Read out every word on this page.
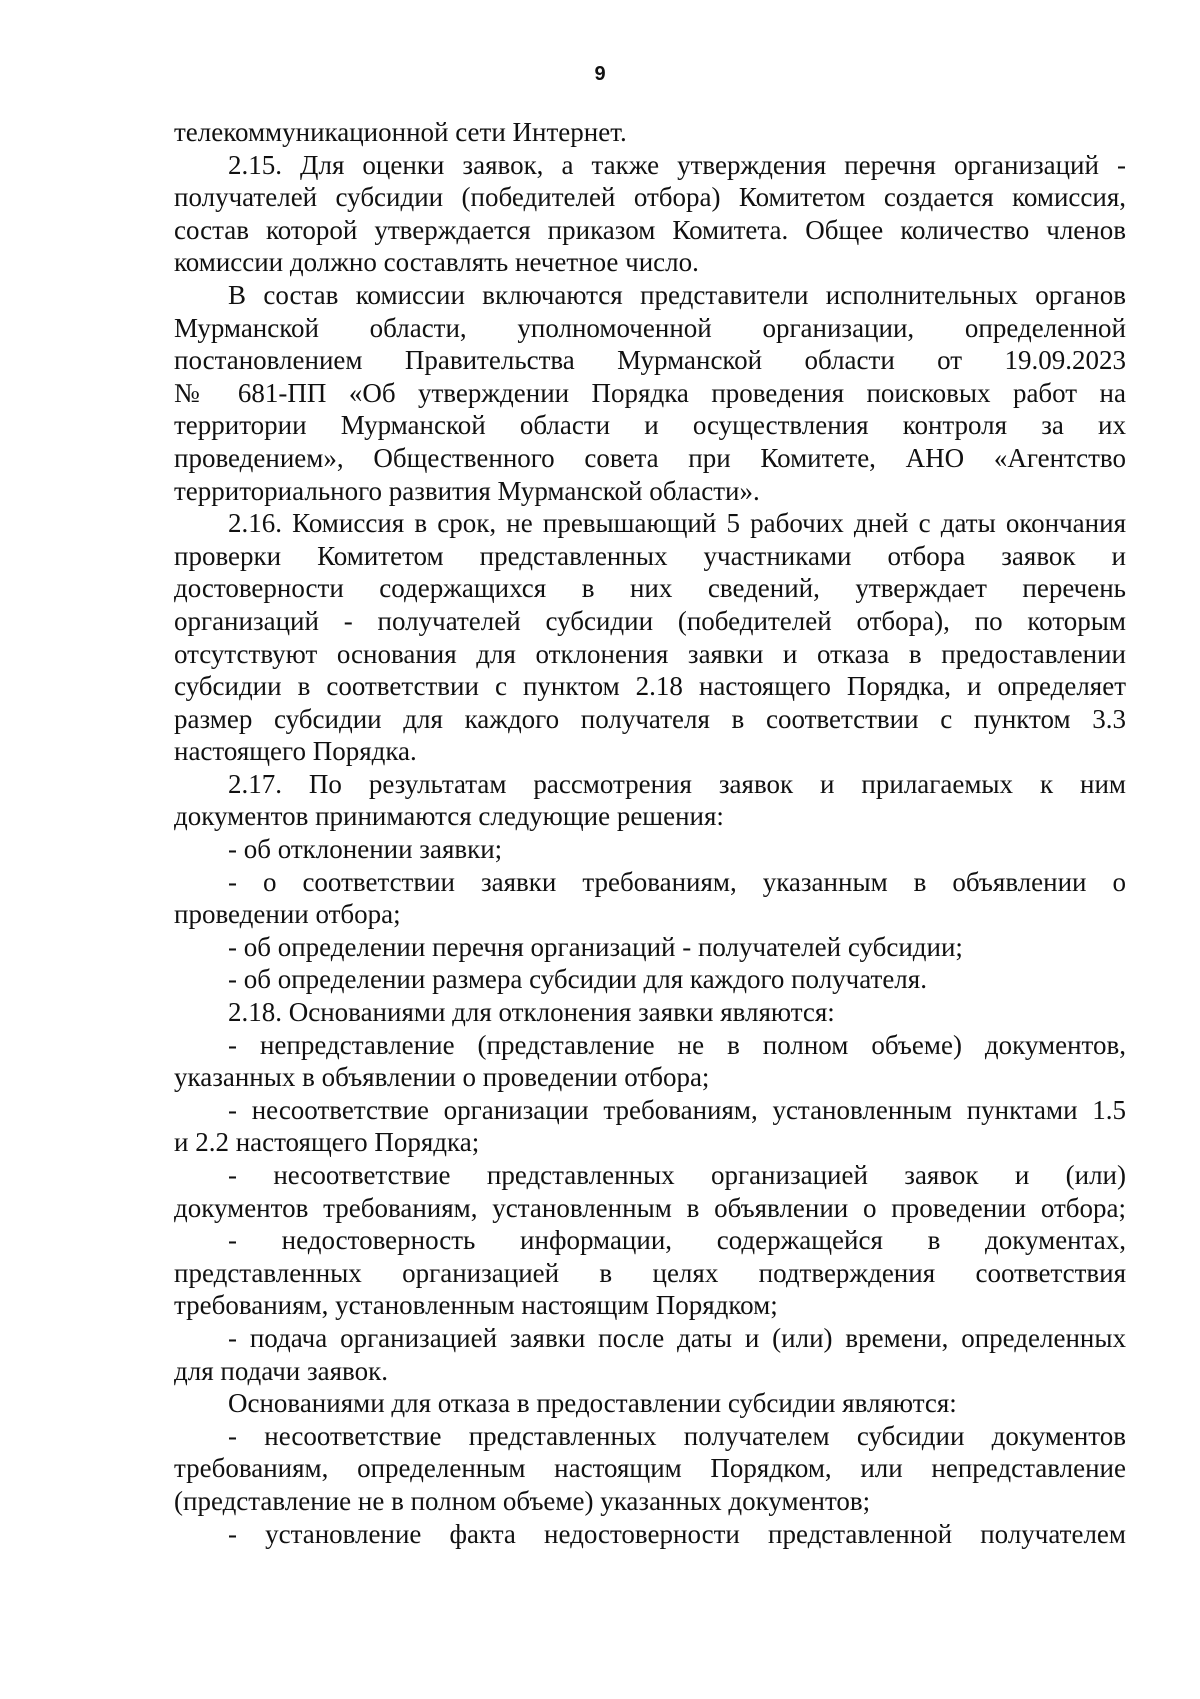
9
телекоммуникационной сети Интернет.
2.15. Для оценки заявок, а также утверждения перечня организаций -
получателей субсидии (победителей отбора) Комитетом создается комиссия,
состав которой утверждается приказом Комитета. Общее количество членов
комиссии должно составлять нечетное число.
В состав комиссии включаются представители исполнительных органов
Мурманской области, уполномоченной организации, определенной
постановлением Правительства Мурманской области от 19.09.2023
№ 681-ПП «Об утверждении Порядка проведения поисковых работ на
территории Мурманской области и осуществления контроля за их
проведением», Общественного совета при Комитете, АНО «Агентство
территориального развития Мурманской области».
2.16. Комиссия в срок, не превышающий 5 рабочих дней с даты окончания
проверки Комитетом представленных участниками отбора заявок и
достоверности содержащихся в них сведений, утверждает перечень
организаций - получателей субсидии (победителей отбора), по которым
отсутствуют основания для отклонения заявки и отказа в предоставлении
субсидии в соответствии с пунктом 2.18 настоящего Порядка, и определяет
размер субсидии для каждого получателя в соответствии с пунктом 3.3
настоящего Порядка.
2.17. По результатам рассмотрения заявок и прилагаемых к ним
документов принимаются следующие решения:
- об отклонении заявки;
- о соответствии заявки требованиям, указанным в объявлении о
проведении отбора;
- об определении перечня организаций - получателей субсидии;
- об определении размера субсидии для каждого получателя.
2.18. Основаниями для отклонения заявки являются:
- непредставление (представление не в полном объеме) документов,
указанных в объявлении о проведении отбора;
- несоответствие организации требованиям, установленным пунктами 1.5
и 2.2 настоящего Порядка;
- несоответствие представленных организацией заявок и (или)
документов требованиям, установленным в объявлении о проведении отбора;
- недостоверность информации, содержащейся в документах,
представленных организацией в целях подтверждения соответствия
требованиям, установленным настоящим Порядком;
- подача организацией заявки после даты и (или) времени, определенных
для подачи заявок.
Основаниями для отказа в предоставлении субсидии являются:
- несоответствие представленных получателем субсидии документов
требованиям, определенным настоящим Порядком, или непредставление
(представление не в полном объеме) указанных документов;
- установление факта недостоверности представленной получателем
